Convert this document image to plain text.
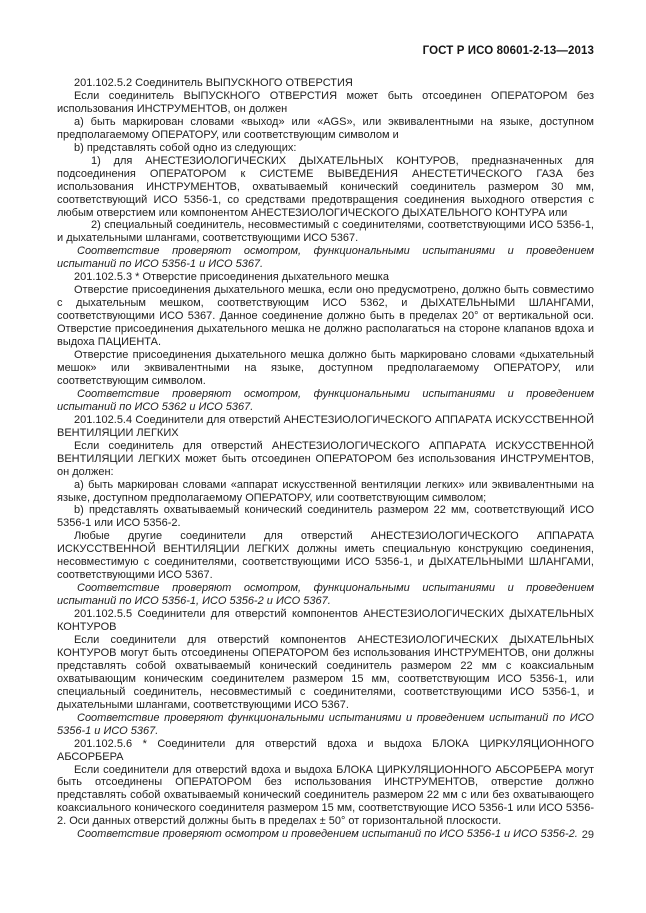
ГОСТ Р ИСО 80601-2-13—2013

201.102.5.2 Соединитель ВЫПУСКНОГО ОТВЕРСТИЯ

Если соединитель ВЫПУСКНОГО ОТВЕРСТИЯ может быть отсоединен ОПЕРАТОРОМ без использования ИНСТРУМЕНТОВ, он должен

a) быть маркирован словами «выход» или «AGS», или эквивалентными на языке, доступном предполагаемому ОПЕРАТОРУ, или соответствующим символом и

b) представлять собой одно из следующих:

1) для АНЕСТЕЗИОЛОГИЧЕСКИХ ДЫХАТЕЛЬНЫХ КОНТУРОВ, предназначенных для подсоединения ОПЕРАТОРОМ к СИСТЕМЕ ВЫВЕДЕНИЯ АНЕСТЕТИЧЕСКОГО ГАЗА без использования ИНСТРУМЕНТОВ, охватываемый конический соединитель размером 30 мм, соответствующий ИСО 5356-1, со средствами предотвращения соединения выходного отверстия с любым отверстием или компонентом АНЕСТЕЗИОЛОГИЧЕСКОГО ДЫХАТЕЛЬНОГО КОНТУРА или

2) специальный соединитель, несовместимый с соединителями, соответствующими ИСО 5356-1, и дыхательными шлангами, соответствующими ИСО 5367.

Соответствие проверяют осмотром, функциональными испытаниями и проведением испытаний по ИСО 5356-1 и ИСО 5367.

201.102.5.3 * Отверстие присоединения дыхательного мешка

Отверстие присоединения дыхательного мешка, если оно предусмотрено, должно быть совместимо с дыхательным мешком, соответствующим ИСО 5362, и ДЫХАТЕЛЬНЫМИ ШЛАНГАМИ, соответствующими ИСО 5367. Данное соединение должно быть в пределах 20° от вертикальной оси. Отверстие присоединения дыхательного мешка не должно располагаться на стороне клапанов вдоха и выдоха ПАЦИЕНТА.

Отверстие присоединения дыхательного мешка должно быть маркировано словами «дыхательный мешок» или эквивалентными на языке, доступном предполагаемому ОПЕРАТОРУ, или соответствующим символом.

Соответствие проверяют осмотром, функциональными испытаниями и проведением испытаний по ИСО 5362 и ИСО 5367.

201.102.5.4 Соединители для отверстий АНЕСТЕЗИОЛОГИЧЕСКОГО АППАРАТА ИСКУССТВЕННОЙ ВЕНТИЛЯЦИИ ЛЕГКИХ

Если соединитель для отверстий АНЕСТЕЗИОЛОГИЧЕСКОГО АППАРАТА ИСКУССТВЕННОЙ ВЕНТИЛЯЦИИ ЛЕГКИХ может быть отсоединен ОПЕРАТОРОМ без использования ИНСТРУМЕНТОВ, он должен:

a) быть маркирован словами «аппарат искусственной вентиляции легких» или эквивалентными на языке, доступном предполагаемому ОПЕРАТОРУ, или соответствующим символом;

b) представлять охватываемый конический соединитель размером 22 мм, соответствующий ИСО 5356-1 или ИСО 5356-2.

Любые другие соединители для отверстий АНЕСТЕЗИОЛОГИЧЕСКОГО АППАРАТА ИСКУССТВЕННОЙ ВЕНТИЛЯЦИИ ЛЕГКИХ должны иметь специальную конструкцию соединения, несовместимую с соединителями, соответствующими ИСО 5356-1, и ДЫХАТЕЛЬНЫМИ ШЛАНГАМИ, соответствующими ИСО 5367.

Соответствие проверяют осмотром, функциональными испытаниями и проведением испытаний по ИСО 5356-1, ИСО 5356-2 и ИСО 5367.

201.102.5.5 Соединители для отверстий компонентов АНЕСТЕЗИОЛОГИЧЕСКИХ ДЫХАТЕЛЬНЫХ КОНТУРОВ

Если соединители для отверстий компонентов АНЕСТЕЗИОЛОГИЧЕСКИХ ДЫХАТЕЛЬНЫХ КОНТУРОВ могут быть отсоединены ОПЕРАТОРОМ без использования ИНСТРУМЕНТОВ, они должны представлять собой охватываемый конический соединитель размером 22 мм с коаксиальным охватывающим коническим соединителем размером 15 мм, соответствующим ИСО 5356-1, или специальный соединитель, несовместимый с соединителями, соответствующими ИСО 5356-1, и дыхательными шлангами, соответствующими ИСО 5367.

Соответствие проверяют функциональными испытаниями и проведением испытаний по ИСО 5356-1 и ИСО 5367.

201.102.5.6 * Соединители для отверстий вдоха и выдоха БЛОКА ЦИРКУЛЯЦИОННОГО АБСОРБЕРА

Если соединители для отверстий вдоха и выдоха БЛОКА ЦИРКУЛЯЦИОННОГО АБСОРБЕРА могут быть отсоединены ОПЕРАТОРОМ без использования ИНСТРУМЕНТОВ, отверстие должно представлять собой охватываемый конический соединитель размером 22 мм с или без охватывающего коаксиального конического соединителя размером 15 мм, соответствующие ИСО 5356-1 или ИСО 5356-2. Оси данных отверстий должны быть в пределах ± 50° от горизонтальной плоскости.

Соответствие проверяют осмотром и проведением испытаний по ИСО 5356-1 и ИСО 5356-2. 29
